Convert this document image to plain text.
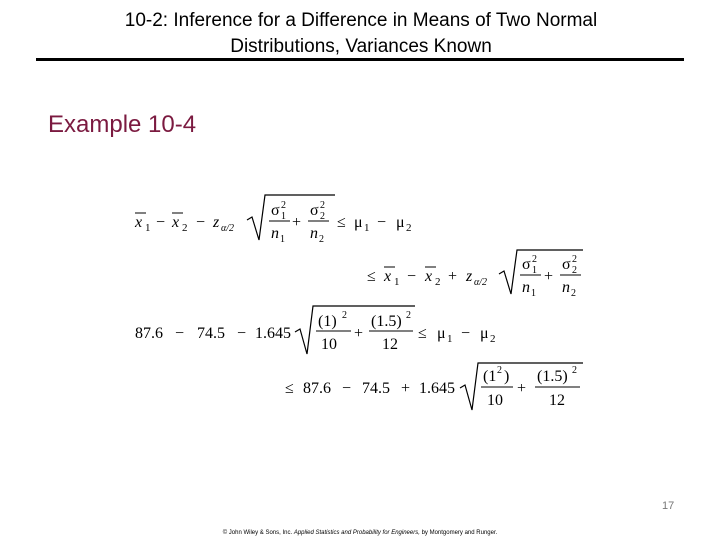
10-2: Inference for a Difference in Means of Two Normal
Distributions, Variances Known
Example 10-4
x 1 − x 2 − z α/2
σ 2
1
n 1
+
σ 2
2
n 2
≤ μ 1 − μ 2
≤ x 1 − x 2 + z α/2
σ 2
1
n 1
+
σ 2
2
n 2
87.6 − 74.5 − 1.645
(1) 2
10
+
(1.5) 2
12
≤ μ 1 − μ 2
≤ 87.6 − 74.5 + 1.645
(1 2 )
10
+
(1.5) 2
12
17
© John Wiley & Sons, Inc. Applied Statistics and Probability for Engineers, by Montgomery and Runger.
